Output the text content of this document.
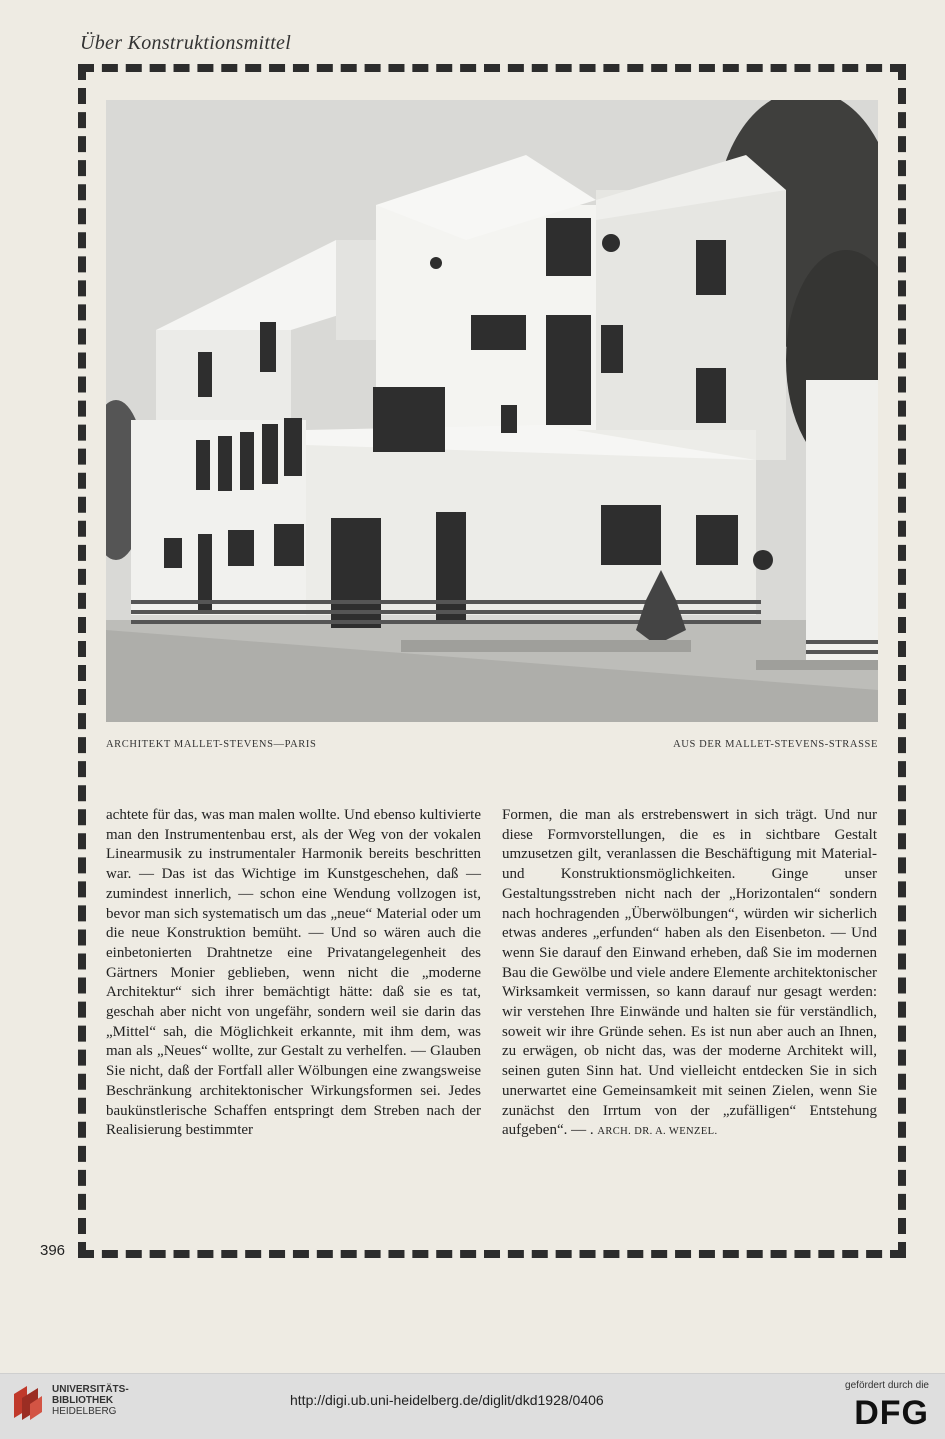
Über Konstruktionsmittel
ARCHITEKT MALLET-STEVENS—PARIS	AUS DER MALLET-STEVENS-STRASSE

achtete für das, was man malen wollte. Und ebenso kultivierte man den Instrumentenbau erst, als der Weg von der vokalen Linearmusik zu instrumentaler Harmonik bereits beschritten war. — Das ist das Wichtige im Kunstgeschehen, daß — zumindest innerlich, — schon eine Wendung vollzogen ist, bevor man sich systematisch um das „neue“ Material oder um die neue Konstruktion bemüht. — Und so wären auch die einbetonierten Drahtnetze eine Privatangelegenheit des Gärtners Monier geblieben, wenn nicht die „moderne Architektur“ sich ihrer bemächtigt hätte: daß sie es tat, geschah aber nicht von ungefähr, sondern weil sie darin das „Mittel“ sah, die Möglichkeit erkannte, mit ihm dem, was man als „Neues“ wollte, zur Gestalt zu verhelfen. — Glauben Sie nicht, daß der Fortfall aller Wölbungen eine zwangsweise Beschränkung architektonischer Wirkungsformen sei. Jedes baukünstlerische Schaffen entspringt dem Streben nach der Realisierung bestimmter

Formen, die man als erstrebenswert in sich trägt. Und nur diese Formvorstellungen, die es in sichtbare Gestalt umzusetzen gilt, veranlassen die Beschäftigung mit Material- und Konstruktionsmöglichkeiten. Ginge unser Gestaltungsstreben nicht nach der „Horizontalen“ sondern nach hochragenden „Überwölbungen“, würden wir sicherlich etwas anderes „erfunden“ haben als den Eisenbeton. — Und wenn Sie darauf den Einwand erheben, daß Sie im modernen Bau die Gewölbe und viele andere Elemente architektonischer Wirksamkeit vermissen, so kann darauf nur gesagt werden: wir verstehen Ihre Einwände und halten sie für verständlich, soweit wir ihre Gründe sehen. Es ist nun aber auch an Ihnen, zu erwägen, ob nicht das, was der moderne Architekt will, seinen guten Sinn hat. Und vielleicht entdecken Sie in sich unerwartet eine Gemeinsamkeit mit seinen Zielen, wenn Sie zunächst den Irrtum von der „zufälligen“ Entstehung aufgeben“. — . ARCH. DR. A. WENZEL.

396
UNIVERSITÄTS-
BIBLIOTHEK
HEIDELBERG
http://digi.ub.uni-heidelberg.de/diglit/dkd1928/0406
gefördert durch die
DFG
